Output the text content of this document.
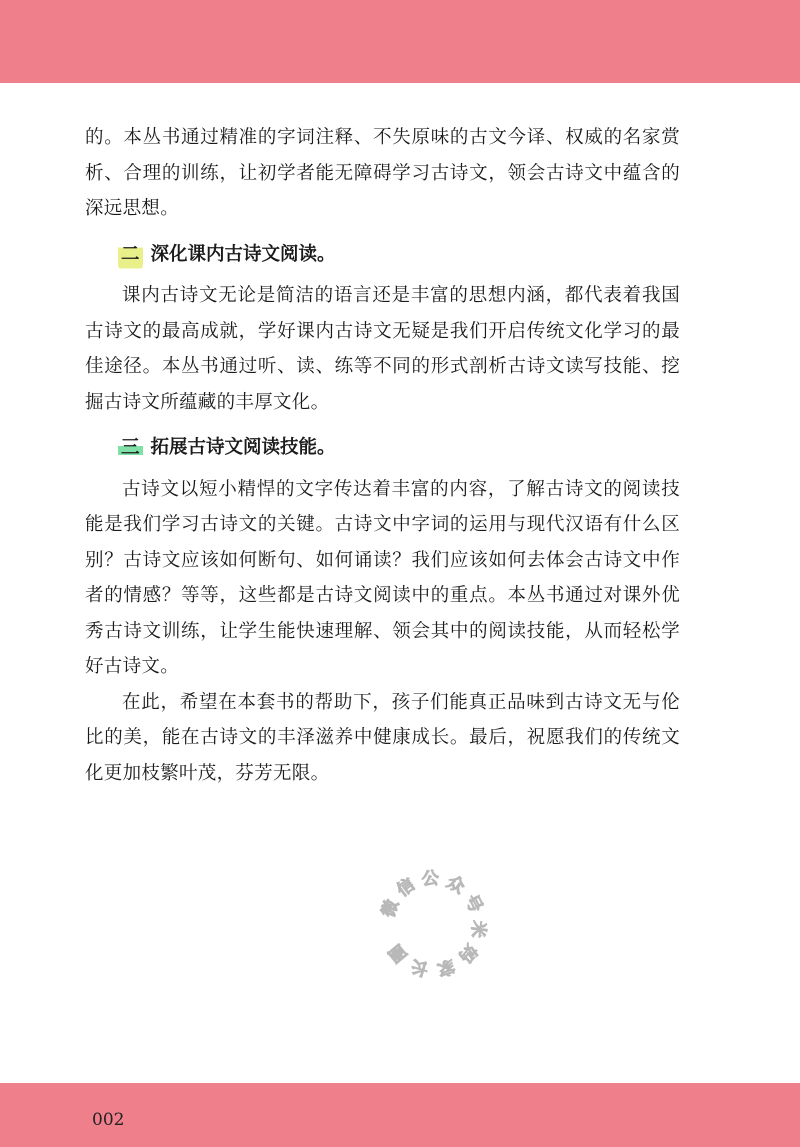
的。本丛书通过精准的字词注释、不失原味的古文今译、权威的名家赏析、合理的训练，让初学者能无障碍学习古诗文，领会古诗文中蕴含的深远思想。

二 深化课内古诗文阅读。

课内古诗文无论是简洁的语言还是丰富的思想内涵，都代表着我国古诗文的最高成就，学好课内古诗文无疑是我们开启传统文化学习的最佳途径。本丛书通过听、读、练等不同的形式剖析古诗文读写技能、挖掘古诗文所蕴藏的丰厚文化。

三 拓展古诗文阅读技能。

古诗文以短小精悍的文字传达着丰富的内容，了解古诗文的阅读技能是我们学习古诗文的关键。古诗文中字词的运用与现代汉语有什么区别？古诗文应该如何断句、如何诵读？我们应该如何去体会古诗文中作者的情感？等等，这些都是古诗文阅读中的重点。本丛书通过对课外优秀古诗文训练，让学生能快速理解、领会其中的阅读技能，从而轻松学好古诗文。

在此，希望在本套书的帮助下，孩子们能真正品味到古诗文无与伦比的美，能在古诗文的丰泽滋养中健康成长。最后，祝愿我们的传统文化更加枝繁叶茂，芬芳无限。

微
信 公 众
号
米
妈
家
长
圈
002
